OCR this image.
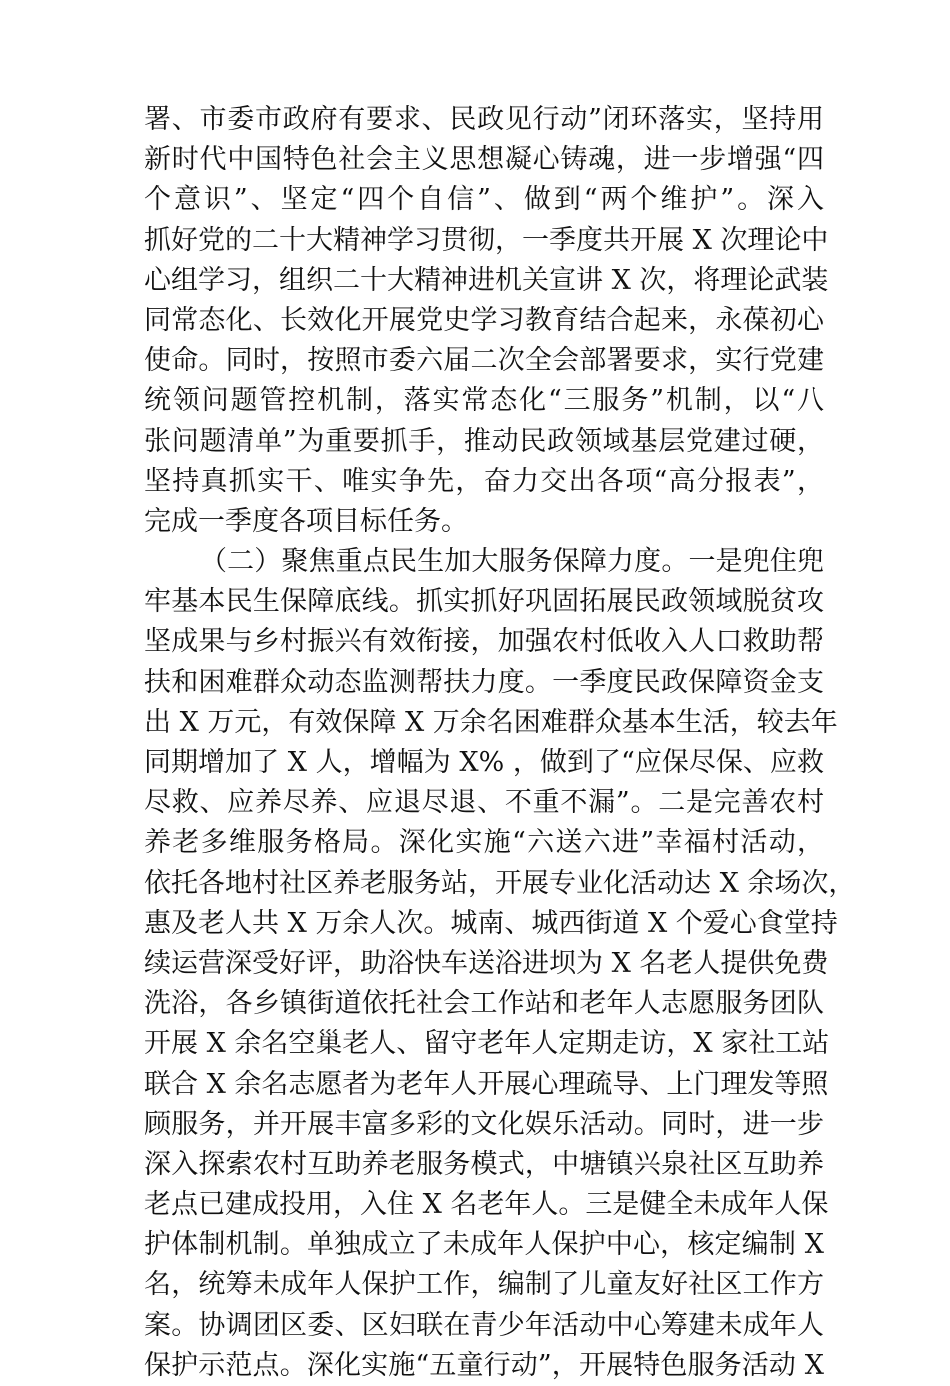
署、市委市政府有要求、民政见行动”闭环落实，坚持用
新时代中国特色社会主义思想凝心铸魂，进一步增强“四
个意识”、坚定“四个自信”、做到“两个维护”。深入
抓好党的二十大精神学习贯彻，一季度共开展 X 次理论中
心组学习，组织二十大精神进机关宣讲 X 次，将理论武装
同常态化、长效化开展党史学习教育结合起来，永葆初心
使命。同时，按照市委六届二次全会部署要求，实行党建
统领问题管控机制，落实常态化“三服务”机制，以“八
张问题清单”为重要抓手，推动民政领域基层党建过硬，
坚持真抓实干、唯实争先，奋力交出各项“高分报表”，
完成一季度各项目标任务。
（二）聚焦重点民生加大服务保障力度。一是兜住兜
牢基本民生保障底线。抓实抓好巩固拓展民政领域脱贫攻
坚成果与乡村振兴有效衔接，加强农村低收入人口救助帮
扶和困难群众动态监测帮扶力度。一季度民政保障资金支
出 X 万元，有效保障 X 万余名困难群众基本生活，较去年
同期增加了 X 人，增幅为 X% ，做到了“应保尽保、应救
尽救、应养尽养、应退尽退、不重不漏”。二是完善农村
养老多维服务格局。深化实施“六送六进”幸福村活动，
依托各地村社区养老服务站，开展专业化活动达 X 余场次，
惠及老人共 X 万余人次。城南、城西街道 X 个爱心食堂持
续运营深受好评，助浴快车送浴进坝为 X 名老人提供免费
洗浴，各乡镇街道依托社会工作站和老年人志愿服务团队
开展 X 余名空巢老人、留守老年人定期走访，X 家社工站
联合 X 余名志愿者为老年人开展心理疏导、上门理发等照
顾服务，并开展丰富多彩的文化娱乐活动。同时，进一步
深入探索农村互助养老服务模式，中塘镇兴泉社区互助养
老点已建成投用，入住 X 名老年人。三是健全未成年人保
护体制机制。单独成立了未成年人保护中心，核定编制 X
名，统筹未成年人保护工作，编制了儿童友好社区工作方
案。协调团区委、区妇联在青少年活动中心筹建未成年人
保护示范点。深化实施“五童行动”，开展特色服务活动 X
